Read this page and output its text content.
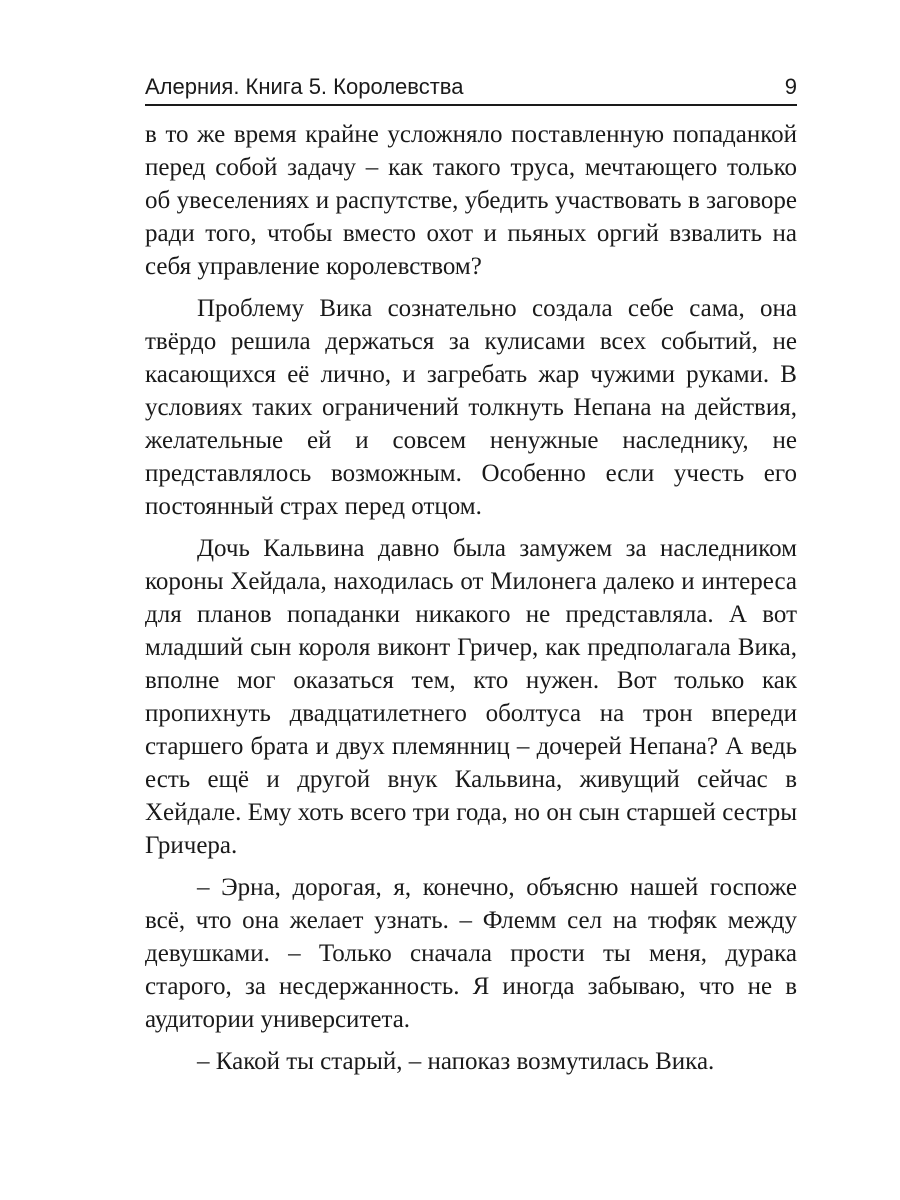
Алерния. Книга 5. Королевства	9

в то же время крайне усложняло поставленную попаданкой перед собой задачу – как такого труса, мечтающего только об увеселениях и распутстве, убедить участвовать в заговоре ради того, чтобы вместо охот и пьяных оргий взвалить на себя управление королевством?

Проблему Вика сознательно создала себе сама, она твёрдо решила держаться за кулисами всех событий, не касающихся её лично, и загребать жар чужими руками. В условиях таких ограничений толкнуть Непана на действия, желательные ей и совсем ненужные наследнику, не представлялось возможным. Особенно если учесть его постоянный страх перед отцом.

Дочь Кальвина давно была замужем за наследником короны Хейдала, находилась от Милонега далеко и интереса для планов попаданки никакого не представляла. А вот младший сын короля виконт Гричер, как предполагала Вика, вполне мог оказаться тем, кто нужен. Вот только как пропихнуть двадцатилетнего оболтуса на трон впереди старшего брата и двух племянниц – дочерей Непана? А ведь есть ещё и другой внук Кальвина, живущий сейчас в Хейдале. Ему хоть всего три года, но он сын старшей сестры Гричера.

– Эрна, дорогая, я, конечно, объясню нашей госпоже всё, что она желает узнать. – Флемм сел на тюфяк между девушками. – Только сначала прости ты меня, дурака старого, за несдержанность. Я иногда забываю, что не в аудитории университета.

– Какой ты старый, – напоказ возмутилась Вика.
